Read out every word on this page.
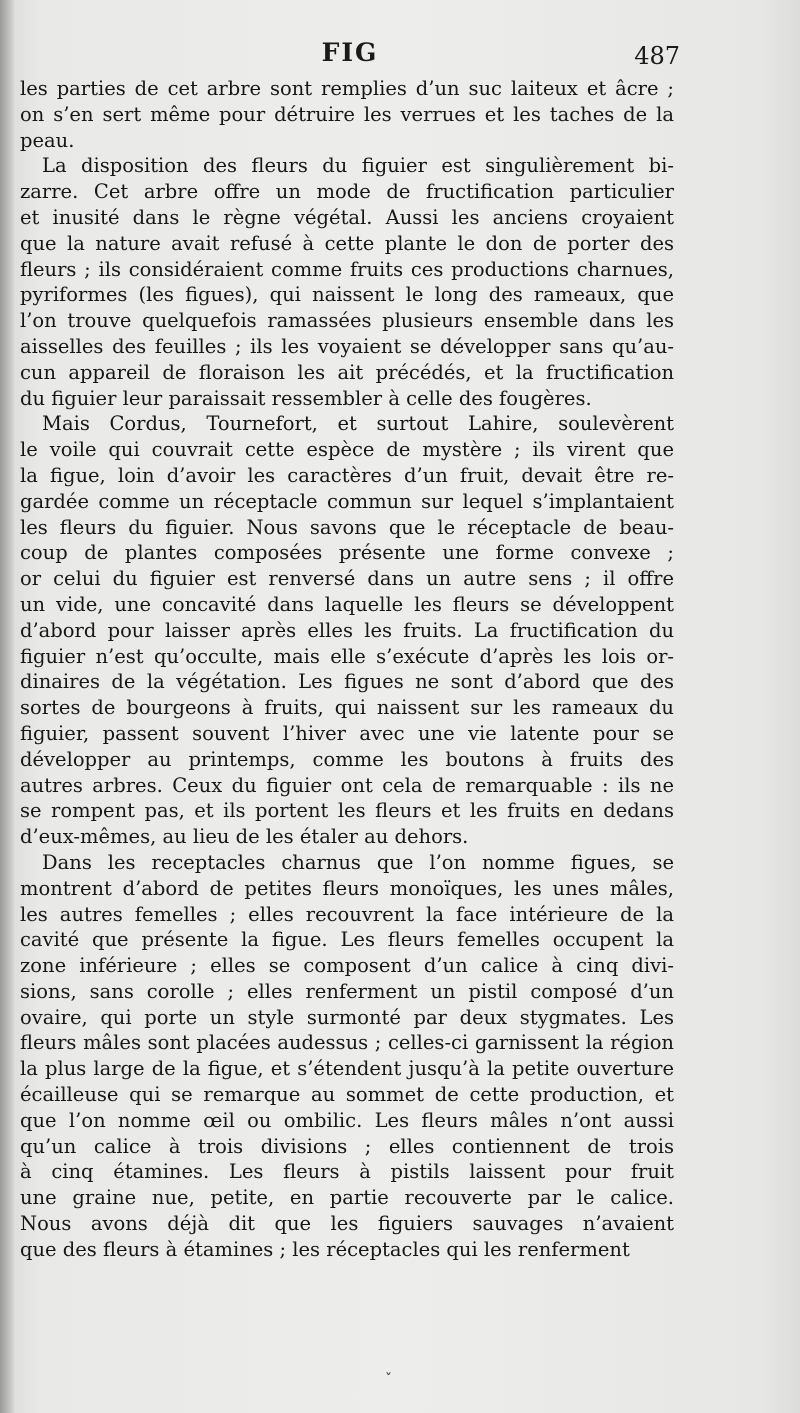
FIG	487
les parties de cet arbre sont remplies d’un suc laiteux et âcre ;
on s’en sert même pour détruire les verrues et les taches de la
peau.
La disposition des fleurs du figuier est singulièrement bi-
zarre. Cet arbre offre un mode de fructification particulier
et inusité dans le règne végétal. Aussi les anciens croyaient
que la nature avait refusé à cette plante le don de porter des
fleurs ; ils considéraient comme fruits ces productions charnues,
pyriformes (les figues), qui naissent le long des rameaux, que
l’on trouve quelquefois ramassées plusieurs ensemble dans les
aisselles des feuilles ; ils les voyaient se développer sans qu’au-
cun appareil de floraison les ait précédés, et la fructification
du figuier leur paraissait ressembler à celle des fougères.
Mais Cordus, Tournefort, et surtout Lahire, soulevèrent
le voile qui couvrait cette espèce de mystère ; ils virent que
la figue, loin d’avoir les caractères d’un fruit, devait être re-
gardée comme un réceptacle commun sur lequel s’implantaient
les fleurs du figuier. Nous savons que le réceptacle de beau-
coup de plantes composées présente une forme convexe ;
or celui du figuier est renversé dans un autre sens ; il offre
un vide, une concavité dans laquelle les fleurs se développent
d’abord pour laisser après elles les fruits. La fructification du
figuier n’est qu’occulte, mais elle s’exécute d’après les lois or-
dinaires de la végétation. Les figues ne sont d’abord que des
sortes de bourgeons à fruits, qui naissent sur les rameaux du
figuier, passent souvent l’hiver avec une vie latente pour se
développer au printemps, comme les boutons à fruits des
autres arbres. Ceux du figuier ont cela de remarquable : ils ne
se rompent pas, et ils portent les fleurs et les fruits en dedans
d’eux-mêmes, au lieu de les étaler au dehors.
Dans les receptacles charnus que l’on nomme figues, se
montrent d’abord de petites fleurs monoïques, les unes mâles,
les autres femelles ; elles recouvrent la face intérieure de la
cavité que présente la figue. Les fleurs femelles occupent la
zone inférieure ; elles se composent d’un calice à cinq divi-
sions, sans corolle ; elles renferment un pistil composé d’un
ovaire, qui porte un style surmonté par deux stygmates. Les
fleurs mâles sont placées audessus ; celles-ci garnissent la région
la plus large de la figue, et s’étendent jusqu’à la petite ouverture
écailleuse qui se remarque au sommet de cette production, et
que l’on nomme œil ou ombilic. Les fleurs mâles n’ont aussi
qu’un calice à trois divisions ; elles contiennent de trois
à cinq étamines. Les fleurs à pistils laissent pour fruit
une graine nue, petite, en partie recouverte par le calice.
Nous avons déjà dit que les figuiers sauvages n’avaient
que des fleurs à étamines ; les réceptacles qui les renferment
ˇ
